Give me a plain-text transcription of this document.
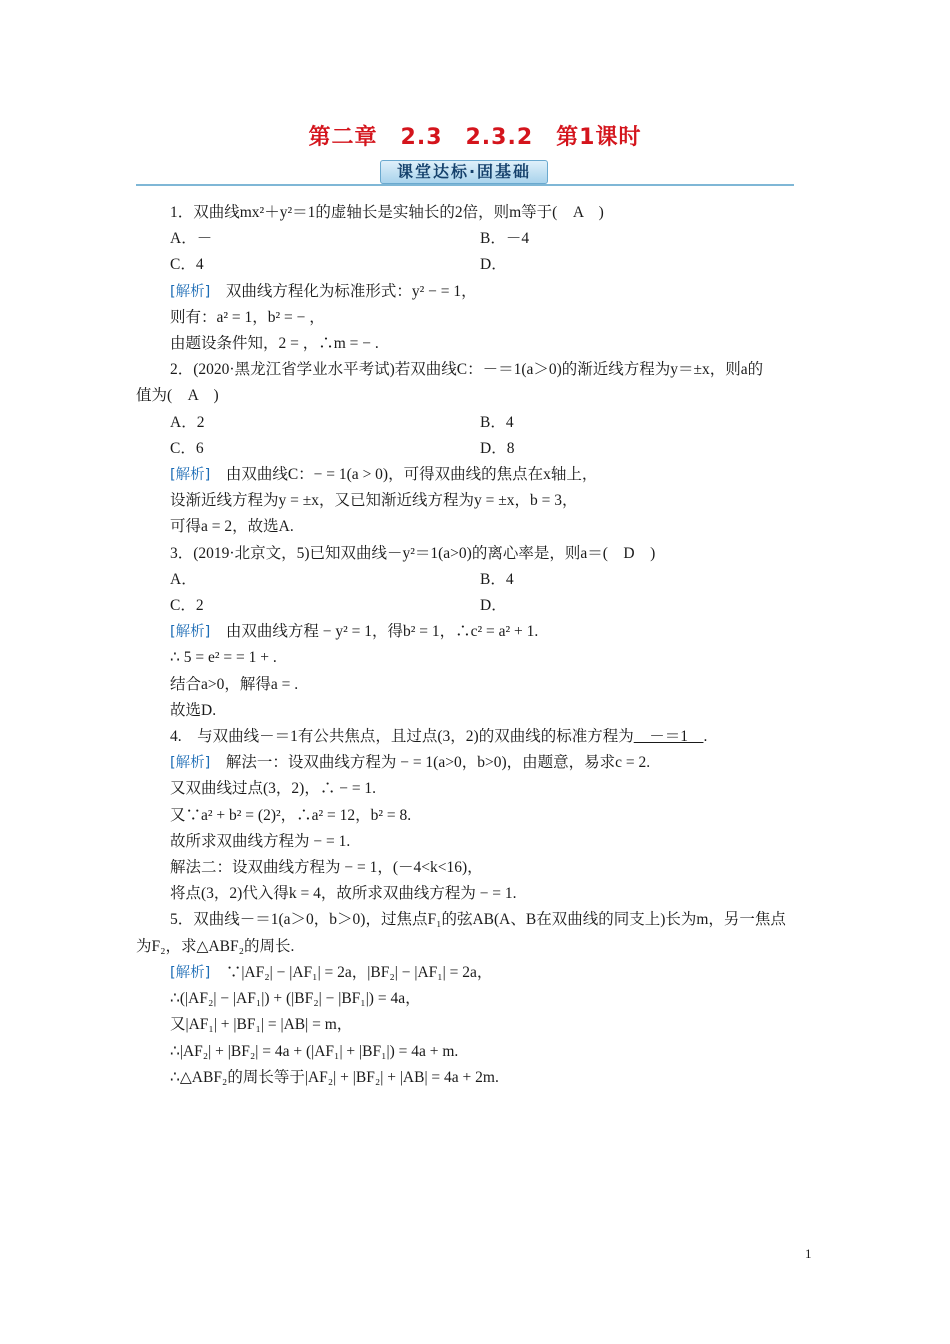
第二章　2.3　2.3.2　第1课时
课堂达标·固基础
1．双曲线mx²＋y²＝1的虚轴长是实轴长的2倍，则m等于(　A　)
A．－	B．－4
C．4	D．
[解析]　双曲线方程化为标准形式：y² − = 1，
则有：a² = 1，b² = − ，
由题设条件知，2 = ，∴m = − .
2．(2020·黑龙江省学业水平考试)若双曲线C：－＝1(a＞0)的渐近线方程为y＝±x，则a的
值为(　A　)
A．2	B．4
C．6	D．8
[解析]　由双曲线C：− = 1(a > 0)，可得双曲线的焦点在x轴上，
设渐近线方程为y = ±x，又已知渐近线方程为y = ±x，b = 3，
可得a = 2，故选A.
3．(2019·北京文，5)已知双曲线－y²＝1(a>0)的离心率是，则a＝(　D　)
A．	B．4
C．2	D．
[解析]　由双曲线方程 − y² = 1，得b² = 1，∴c² = a² + 1.
∴ 5 = e² = = 1 + .
结合a>0，解得a = .
故选D.
4.　与双曲线－＝1有公共焦点，且过点(3，2)的双曲线的标准方程为　－＝1　.
[解析]　解法一：设双曲线方程为 − = 1(a>0，b>0)，由题意，易求c = 2.
又双曲线过点(3，2)，∴ − = 1.
又∵a² + b² = (2)²，∴a² = 12，b² = 8.
故所求双曲线方程为 − = 1.
解法二：设双曲线方程为 − = 1，(－4<k<16)，
将点(3，2)代入得k = 4，故所求双曲线方程为 − = 1.
5．双曲线－＝1(a＞0，b＞0)，过焦点F₁的弦AB(A、B在双曲线的同支上)长为m，另一焦点
为F₂，求△ABF₂的周长.
[解析]　∵|AF₂| − |AF₁| = 2a，|BF₂| − |AF₁| = 2a，
∴(|AF₂| − |AF₁|) + (|BF₂| − |BF₁|) = 4a，
又|AF₁| + |BF₁| = |AB| = m，
∴|AF₂| + |BF₂| = 4a + (|AF₁| + |BF₁|) = 4a + m.
∴△ABF₂的周长等于|AF₂| + |BF₂| + |AB| = 4a + 2m.
1
